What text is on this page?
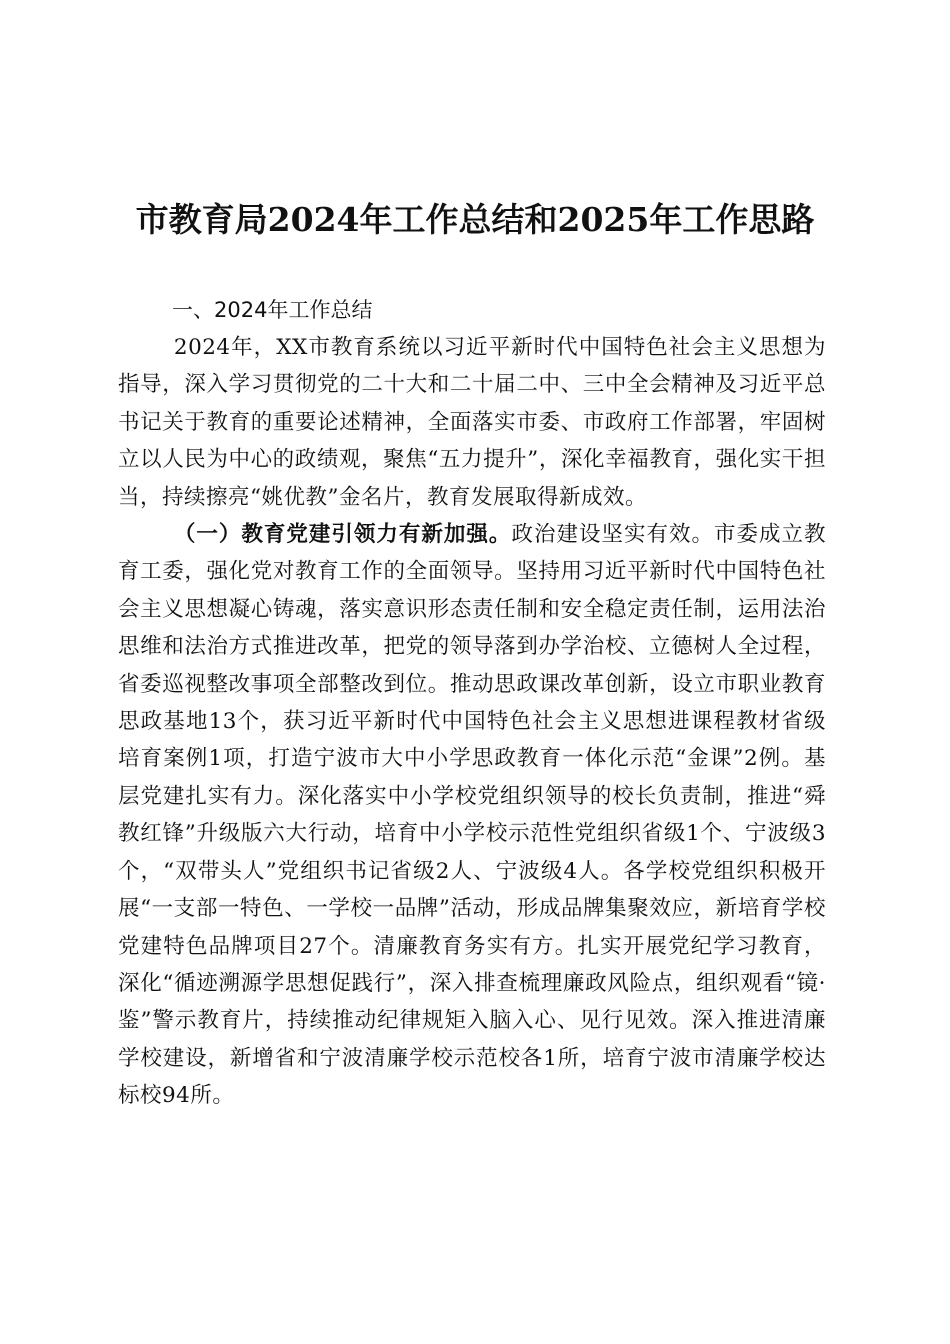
市教育局2024年工作总结和2025年工作思路

一、2024年工作总结

2024年，XX市教育系统以习近平新时代中国特色社会主义思想为指导，深入学习贯彻党的二十大和二十届二中、三中全会精神及习近平总书记关于教育的重要论述精神，全面落实市委、市政府工作部署，牢固树立以人民为中心的政绩观，聚焦“五力提升”，深化幸福教育，强化实干担当，持续擦亮“姚优教”金名片，教育发展取得新成效。

（一）教育党建引领力有新加强。政治建设坚实有效。市委成立教育工委，强化党对教育工作的全面领导。坚持用习近平新时代中国特色社会主义思想凝心铸魂，落实意识形态责任制和安全稳定责任制，运用法治思维和法治方式推进改革，把党的领导落到办学治校、立德树人全过程，省委巡视整改事项全部整改到位。推动思政课改革创新，设立市职业教育思政基地13个，获习近平新时代中国特色社会主义思想进课程教材省级培育案例1项，打造宁波市大中小学思政教育一体化示范“金课”2例。基层党建扎实有力。深化落实中小学校党组织领导的校长负责制，推进“舜教红锋”升级版六大行动，培育中小学校示范性党组织省级1个、宁波级3个，“双带头人”党组织书记省级2人、宁波级4人。各学校党组织积极开展“一支部一特色、一学校一品牌”活动，形成品牌集聚效应，新培育学校党建特色品牌项目27个。清廉教育务实有方。扎实开展党纪学习教育，深化“循迹溯源学思想促践行”，深入排查梳理廉政风险点，组织观看“镜·鉴”警示教育片，持续推动纪律规矩入脑入心、见行见效。深入推进清廉学校建设，新增省和宁波清廉学校示范校各1所，培育宁波市清廉学校达标校94所。
